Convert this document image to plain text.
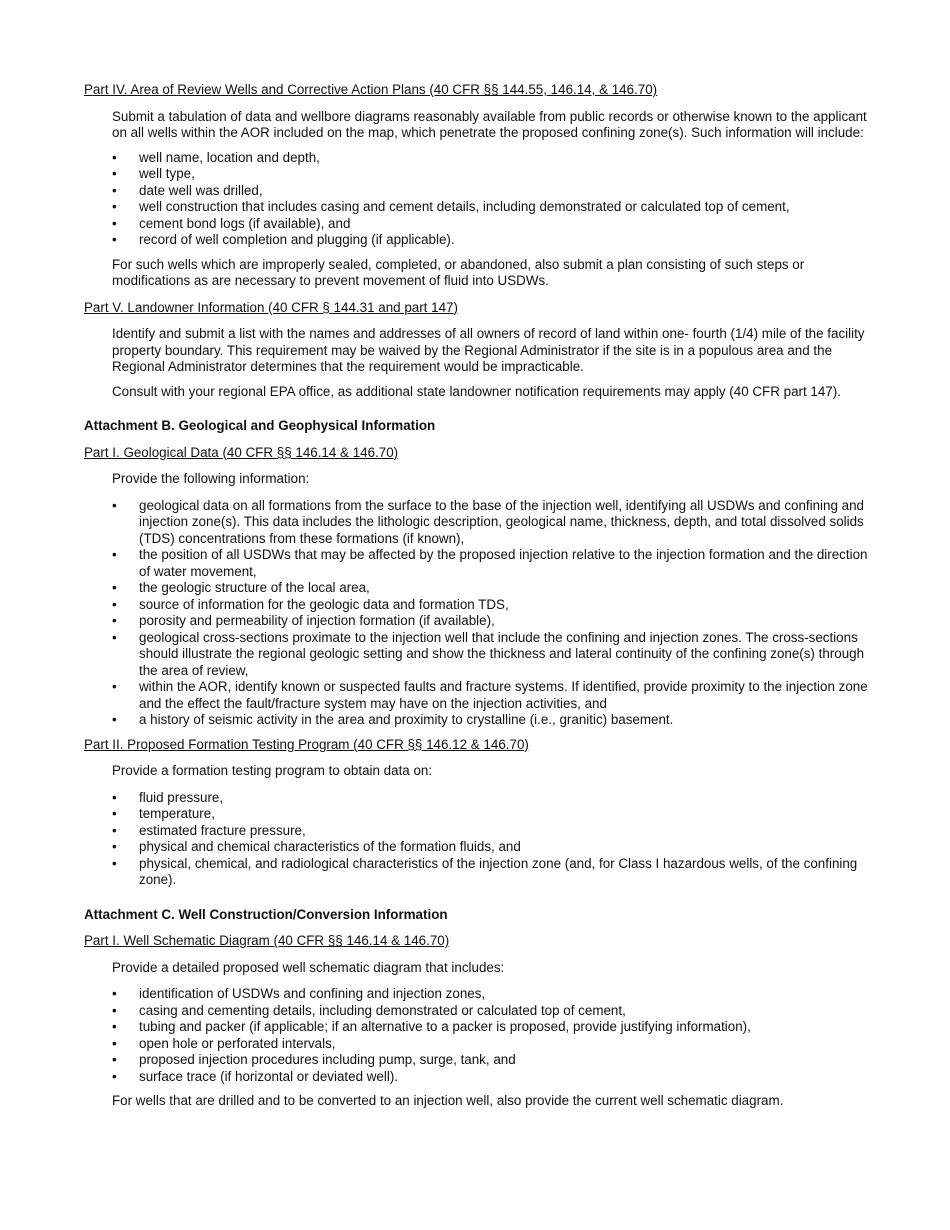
Part IV. Area of Review Wells and Corrective Action Plans (40 CFR §§ 144.55, 146.14, & 146.70)

Submit a tabulation of data and wellbore diagrams reasonably available from public records or otherwise known to the applicant on all wells within the AOR included on the map, which penetrate the proposed confining zone(s). Such information will include:

• well name, location and depth,
• well type,
• date well was drilled,
• well construction that includes casing and cement details, including demonstrated or calculated top of cement,
• cement bond logs (if available), and
• record of well completion and plugging (if applicable).

For such wells which are improperly sealed, completed, or abandoned, also submit a plan consisting of such steps or modifications as are necessary to prevent movement of fluid into USDWs.

Part V. Landowner Information (40 CFR § 144.31 and part 147)

Identify and submit a list with the names and addresses of all owners of record of land within one- fourth (1/4) mile of the facility property boundary. This requirement may be waived by the Regional Administrator if the site is in a populous area and the Regional Administrator determines that the requirement would be impracticable.

Consult with your regional EPA office, as additional state landowner notification requirements may apply (40 CFR part 147).

Attachment B. Geological and Geophysical Information

Part I. Geological Data (40 CFR §§ 146.14 & 146.70)

Provide the following information:

• geological data on all formations from the surface to the base of the injection well, identifying all USDWs and confining and injection zone(s). This data includes the lithologic description, geological name, thickness, depth, and total dissolved solids (TDS) concentrations from these formations (if known),
• the position of all USDWs that may be affected by the proposed injection relative to the injection formation and the direction of water movement,
• the geologic structure of the local area,
• source of information for the geologic data and formation TDS,
• porosity and permeability of injection formation (if available),
• geological cross-sections proximate to the injection well that include the confining and injection zones. The cross-sections should illustrate the regional geologic setting and show the thickness and lateral continuity of the confining zone(s) through the area of review,
• within the AOR, identify known or suspected faults and fracture systems. If identified, provide proximity to the injection zone and the effect the fault/fracture system may have on the injection activities, and
• a history of seismic activity in the area and proximity to crystalline (i.e., granitic) basement.

Part II. Proposed Formation Testing Program (40 CFR §§ 146.12 & 146.70)

Provide a formation testing program to obtain data on:

• fluid pressure,
• temperature,
• estimated fracture pressure,
• physical and chemical characteristics of the formation fluids, and
• physical, chemical, and radiological characteristics of the injection zone (and, for Class I hazardous wells, of the confining zone).

Attachment C. Well Construction/Conversion Information

Part I. Well Schematic Diagram (40 CFR §§ 146.14 & 146.70)

Provide a detailed proposed well schematic diagram that includes:

• identification of USDWs and confining and injection zones,
• casing and cementing details, including demonstrated or calculated top of cement,
• tubing and packer (if applicable; if an alternative to a packer is proposed, provide justifying information),
• open hole or perforated intervals,
• proposed injection procedures including pump, surge, tank, and
• surface trace (if horizontal or deviated well).

For wells that are drilled and to be converted to an injection well, also provide the current well schematic diagram.
